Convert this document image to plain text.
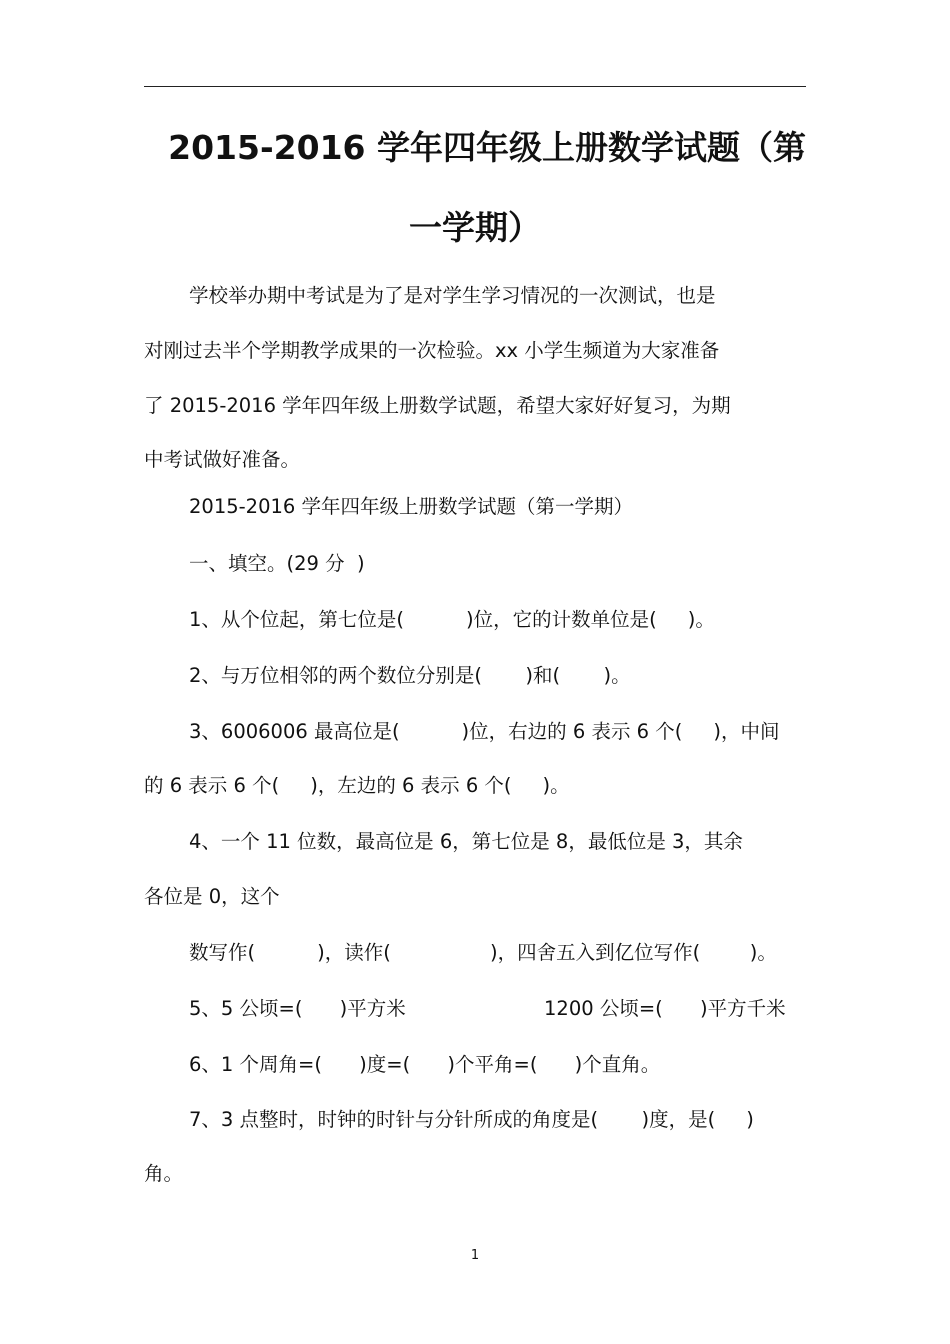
2015-2016 学年四年级上册数学试题（第
一学期）
学校举办期中考试是为了是对学生学习情况的一次测试，也是
对刚过去半个学期教学成果的一次检验。xx 小学生频道为大家准备
了 2015-2016 学年四年级上册数学试题，希望大家好好复习，为期
中考试做好准备。
2015-2016 学年四年级上册数学试题（第一学期）
一、填空。(29 分  )
1、从个位起，第七位是(          )位，它的计数单位是(     )。
2、与万位相邻的两个数位分别是(       )和(       )。
3、6006006 最高位是(          )位，右边的 6 表示 6 个(     )，中间
的 6 表示 6 个(     )，左边的 6 表示 6 个(     )。
4、一个 11 位数，最高位是 6，第七位是 8，最低位是 3，其余
各位是 0，这个
数写作(          )，读作(                )，四舍五入到亿位写作(        )。
5、5 公顷=(      )平方米	1200 公顷=(      )平方千米
6、1 个周角=(      )度=(      )个平角=(      )个直角。
7、3 点整时，时钟的时针与分针所成的角度是(       )度，是(     )
角。
1
